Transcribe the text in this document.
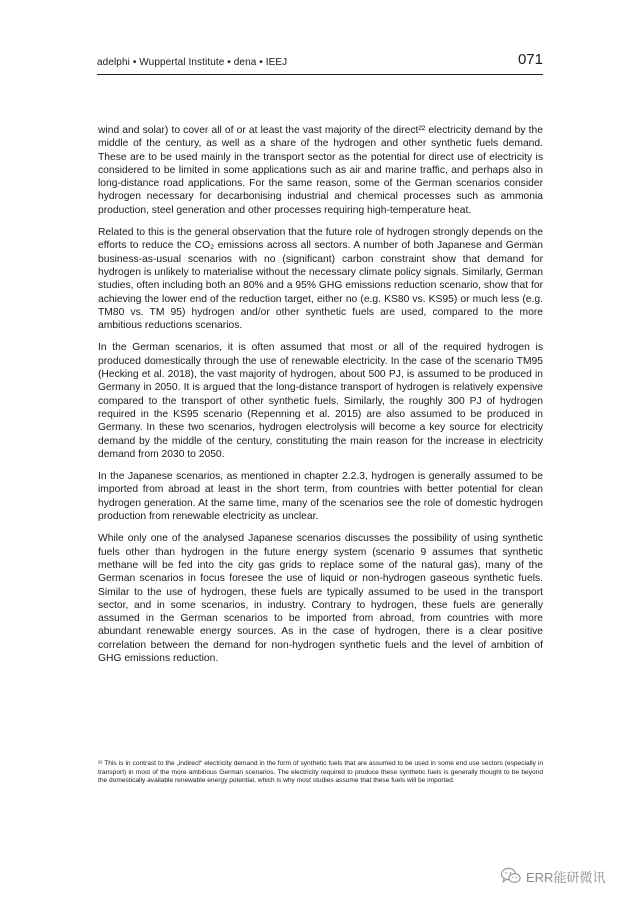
adelphi • Wuppertal Institute • dena • IEEJ	071

wind and solar) to cover all of or at least the vast majority of the direct²² electricity demand by the middle of the century, as well as a share of the hydrogen and other synthetic fuels demand. These are to be used mainly in the transport sector as the potential for direct use of electricity is considered to be limited in some applications such as air and marine traffic, and perhaps also in long-distance road applications. For the same reason, some of the German scenarios consider hydrogen necessary for decarbonising industrial and chemical processes such as ammonia production, steel generation and other processes requiring high-temperature heat.

Related to this is the general observation that the future role of hydrogen strongly depends on the efforts to reduce the CO₂ emissions across all sectors. A number of both Japanese and German business-as-usual scenarios with no (significant) carbon constraint show that demand for hydrogen is unlikely to materialise without the necessary climate policy signals. Similarly, German studies, often including both an 80% and a 95% GHG emissions reduction scenario, show that for achieving the lower end of the reduction target, either no (e.g. KS80 vs. KS95) or much less (e.g. TM80 vs. TM 95) hydrogen and/or other synthetic fuels are used, compared to the more ambitious reductions scenarios.

In the German scenarios, it is often assumed that most or all of the required hydrogen is produced domestically through the use of renewable electricity. In the case of the scenario TM95 (Hecking et al. 2018), the vast majority of hydrogen, about 500 PJ, is assumed to be produced in Germany in 2050. It is argued that the long-distance transport of hydrogen is relatively expensive compared to the transport of other synthetic fuels. Similarly, the roughly 300 PJ of hydrogen required in the KS95 scenario (Repenning et al. 2015) are also assumed to be produced in Germany. In these two scenarios, hydrogen electrolysis will become a key source for electricity demand by the middle of the century, constituting the main reason for the increase in electricity demand from 2030 to 2050.

In the Japanese scenarios, as mentioned in chapter 2.2.3, hydrogen is generally assumed to be imported from abroad at least in the short term, from countries with better potential for clean hydrogen generation. At the same time, many of the scenarios see the role of domestic hydrogen production from renewable electricity as unclear.

While only one of the analysed Japanese scenarios discusses the possibility of using synthetic fuels other than hydrogen in the future energy system (scenario 9 assumes that synthetic methane will be fed into the city gas grids to replace some of the natural gas), many of the German scenarios in focus foresee the use of liquid or non-hydrogen gaseous synthetic fuels. Similar to the use of hydrogen, these fuels are typically assumed to be used in the transport sector, and in some scenarios, in industry. Contrary to hydrogen, these fuels are generally assumed in the German scenarios to be imported from abroad, from countries with more abundant renewable energy sources. As in the case of hydrogen, there is a clear positive correlation between the demand for non-hydrogen synthetic fuels and the level of ambition of GHG emissions reduction.

²² This is in contrast to the „indirect“ electricity demand in the form of synthetic fuels that are assumed to be used in some end use sectors (especially in transport) in most of the more ambitious German scenarios. The electricity required to produce these synthetic fuels is generally thought to be beyond the domestically available renewable energy potential, which is why most studies assume that these fuels will be imported.
ERR能研微讯
